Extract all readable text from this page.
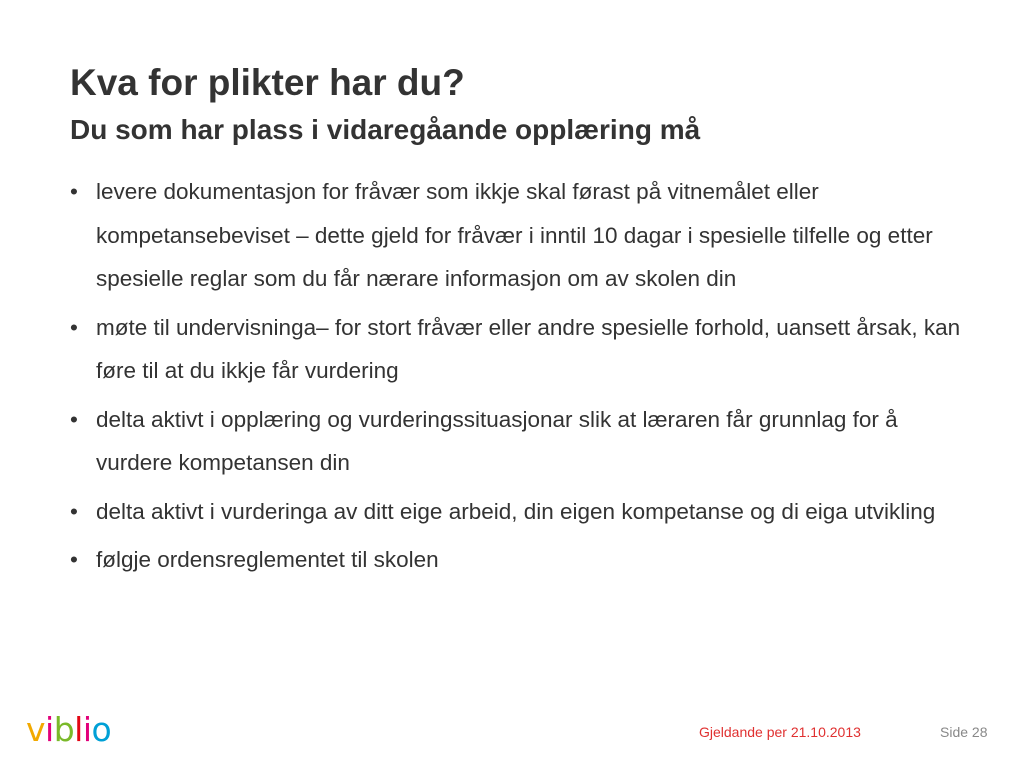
Kva for plikter har du?
Du som har plass i vidaregåande opplæring må
• levere dokumentasjon for fråvær som ikkje skal førast på vitnemålet eller kompetansebeviset – dette gjeld for fråvær i inntil 10 dagar i spesielle tilfelle og etter spesielle reglar som du får nærare informasjon om av skolen din
• møte til undervisninga– for stort fråvær eller andre spesielle forhold, uansett årsak, kan føre til at du ikkje får vurdering
• delta aktivt i opplæring og vurderingssituasjonar slik at læraren får grunnlag for å vurdere kompetansen din
• delta aktivt i vurderinga av ditt eige arbeid, din eigen kompetanse og di eiga utvikling
• følgje ordensreglementet til skolen
v i b l i o	Gjeldande per 21.10.2013	Side 28
